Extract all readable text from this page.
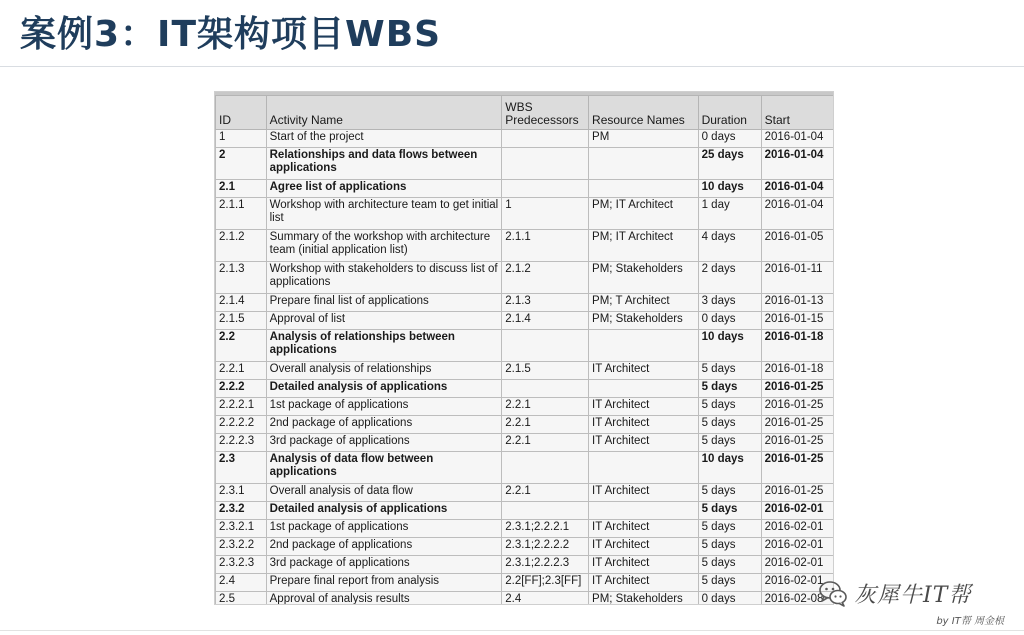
案例3：IT架构项目WBS
ID	Activity Name	WBS Predecessors	Resource Names	Duration	Start
1	Start of the project		PM	0 days	2016-01-04
2	Relationships and data flows between applications			25 days	2016-01-04
2.1	Agree list of applications			10 days	2016-01-04
2.1.1	Workshop with architecture team to get initial list	1	PM; IT Architect	1 day	2016-01-04
2.1.2	Summary of the workshop with architecture team (initial application list)	2.1.1	PM; IT Architect	4 days	2016-01-05
2.1.3	Workshop with stakeholders to discuss list of applications	2.1.2	PM; Stakeholders	2 days	2016-01-11
2.1.4	Prepare final list of applications	2.1.3	PM; T Architect	3 days	2016-01-13
2.1.5	Approval of list	2.1.4	PM; Stakeholders	0 days	2016-01-15
2.2	Analysis of relationships between applications			10 days	2016-01-18
2.2.1	Overall analysis of relationships	2.1.5	IT Architect	5 days	2016-01-18
2.2.2	Detailed analysis of applications			5 days	2016-01-25
2.2.2.1	1st package of applications	2.2.1	IT Architect	5 days	2016-01-25
2.2.2.2	2nd package of applications	2.2.1	IT Architect	5 days	2016-01-25
2.2.2.3	3rd package of applications	2.2.1	IT Architect	5 days	2016-01-25
2.3	Analysis of data flow between applications			10 days	2016-01-25
2.3.1	Overall analysis of data flow	2.2.1	IT Architect	5 days	2016-01-25
2.3.2	Detailed analysis of applications			5 days	2016-02-01
2.3.2.1	1st package of applications	2.3.1;2.2.2.1	IT Architect	5 days	2016-02-01
2.3.2.2	2nd package of applications	2.3.1;2.2.2.2	IT Architect	5 days	2016-02-01
2.3.2.3	3rd package of applications	2.3.1;2.2.2.3	IT Architect	5 days	2016-02-01
2.4	Prepare final report from analysis	2.2[FF];2.3[FF]	IT Architect	5 days	2016-02-01
2.5	Approval of analysis results	2.4	PM; Stakeholders	0 days	2016-02-08 灰犀牛IT帮
by IT帮 周金根
